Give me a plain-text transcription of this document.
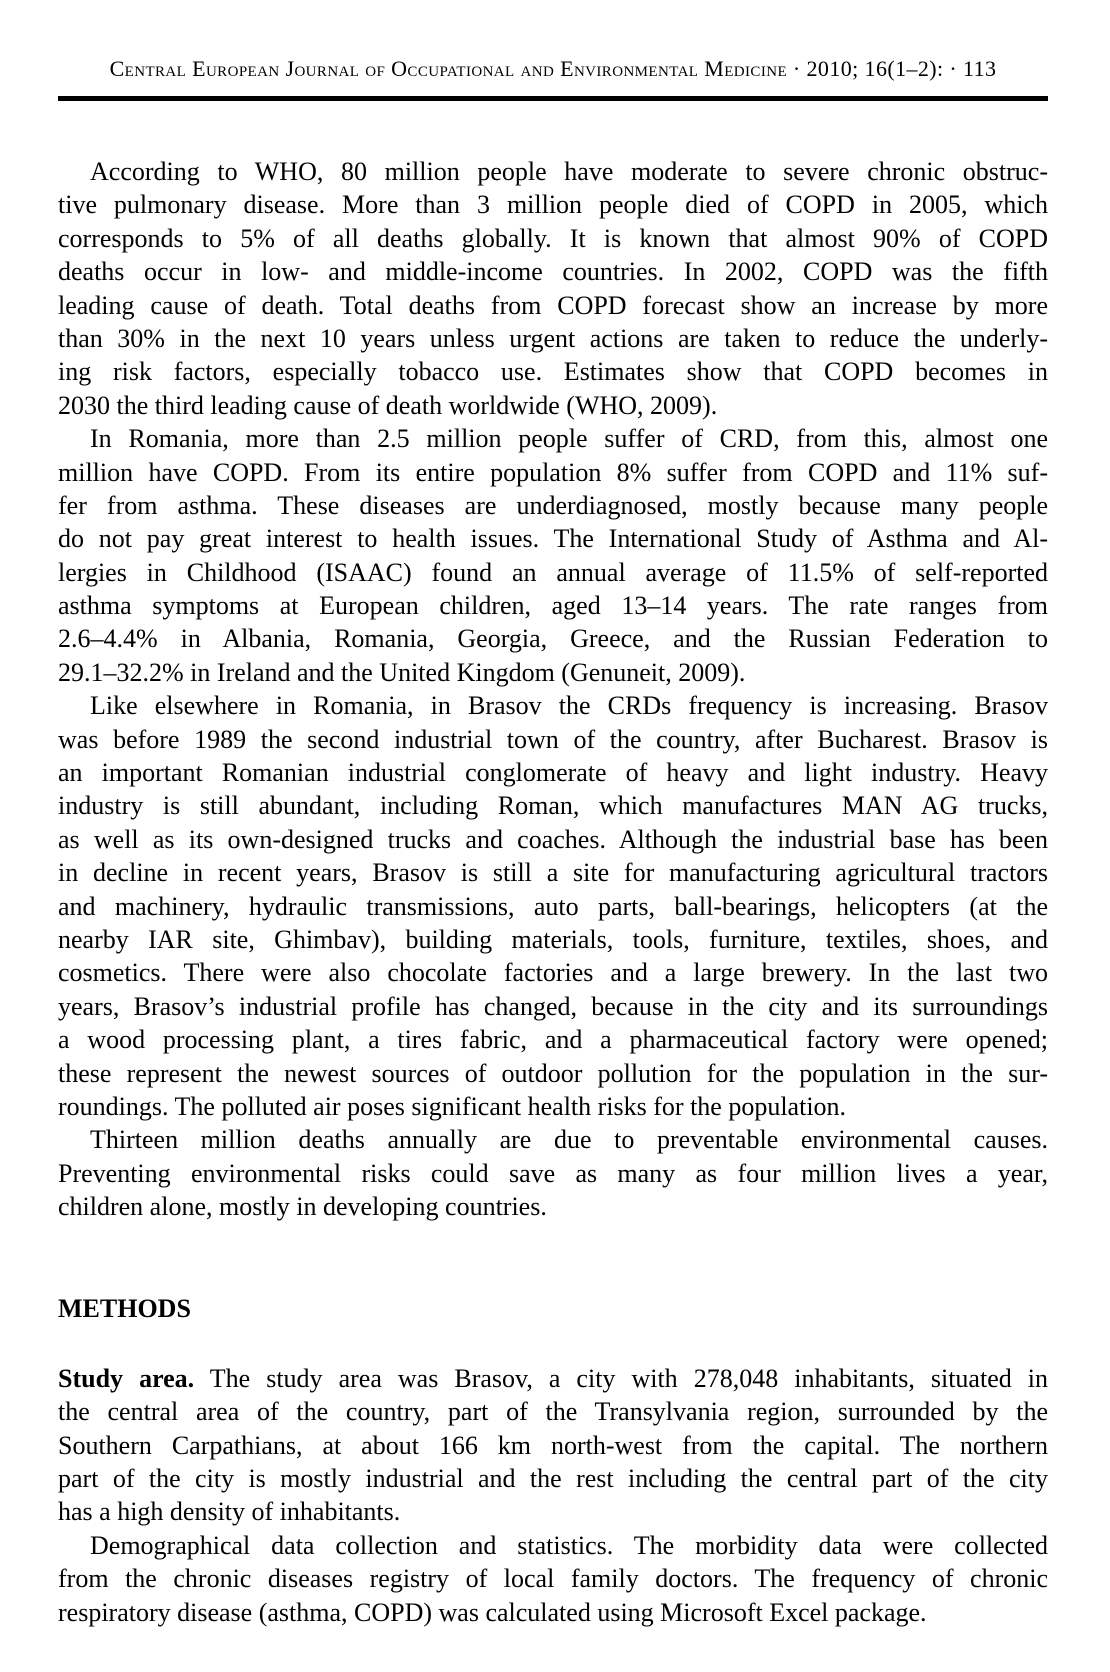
Central European Journal of Occupational and Environmental Medicine · 2010; 16(1–2): · 113
According to WHO, 80 million people have moderate to severe chronic obstruc-
tive pulmonary disease. More than 3 million people died of COPD in 2005, which
corresponds to 5% of all deaths globally. It is known that almost 90% of COPD
deaths occur in low- and middle-income countries. In 2002, COPD was the fifth
leading cause of death. Total deaths from COPD forecast show an increase by more
than 30% in the next 10 years unless urgent actions are taken to reduce the underly-
ing risk factors, especially tobacco use. Estimates show that COPD becomes in
2030 the third leading cause of death worldwide (WHO, 2009).
In Romania, more than 2.5 million people suffer of CRD, from this, almost one
million have COPD. From its entire population 8% suffer from COPD and 11% suf-
fer from asthma. These diseases are underdiagnosed, mostly because many people
do not pay great interest to health issues. The International Study of Asthma and Al-
lergies in Childhood (ISAAC) found an annual average of 11.5% of self-reported
asthma symptoms at European children, aged 13–14 years. The rate ranges from
2.6–4.4% in Albania, Romania, Georgia, Greece, and the Russian Federation to
29.1–32.2% in Ireland and the United Kingdom (Genuneit, 2009).
Like elsewhere in Romania, in Brasov the CRDs frequency is increasing. Brasov
was before 1989 the second industrial town of the country, after Bucharest. Brasov is
an important Romanian industrial conglomerate of heavy and light industry. Heavy
industry is still abundant, including Roman, which manufactures MAN AG trucks,
as well as its own-designed trucks and coaches. Although the industrial base has been
in decline in recent years, Brasov is still a site for manufacturing agricultural tractors
and machinery, hydraulic transmissions, auto parts, ball-bearings, helicopters (at the
nearby IAR site, Ghimbav), building materials, tools, furniture, textiles, shoes, and
cosmetics. There were also chocolate factories and a large brewery. In the last two
years, Brasov’s industrial profile has changed, because in the city and its surroundings
a wood processing plant, a tires fabric, and a pharmaceutical factory were opened;
these represent the newest sources of outdoor pollution for the population in the sur-
roundings. The polluted air poses significant health risks for the population.
Thirteen million deaths annually are due to preventable environmental causes.
Preventing environmental risks could save as many as four million lives a year,
children alone, mostly in developing countries.
METHODS
Study area. The study area was Brasov, a city with 278,048 inhabitants, situated in
the central area of the country, part of the Transylvania region, surrounded by the
Southern Carpathians, at about 166 km north-west from the capital. The northern
part of the city is mostly industrial and the rest including the central part of the city
has a high density of inhabitants.
Demographical data collection and statistics. The morbidity data were collected
from the chronic diseases registry of local family doctors. The frequency of chronic
respiratory disease (asthma, COPD) was calculated using Microsoft Excel package.
